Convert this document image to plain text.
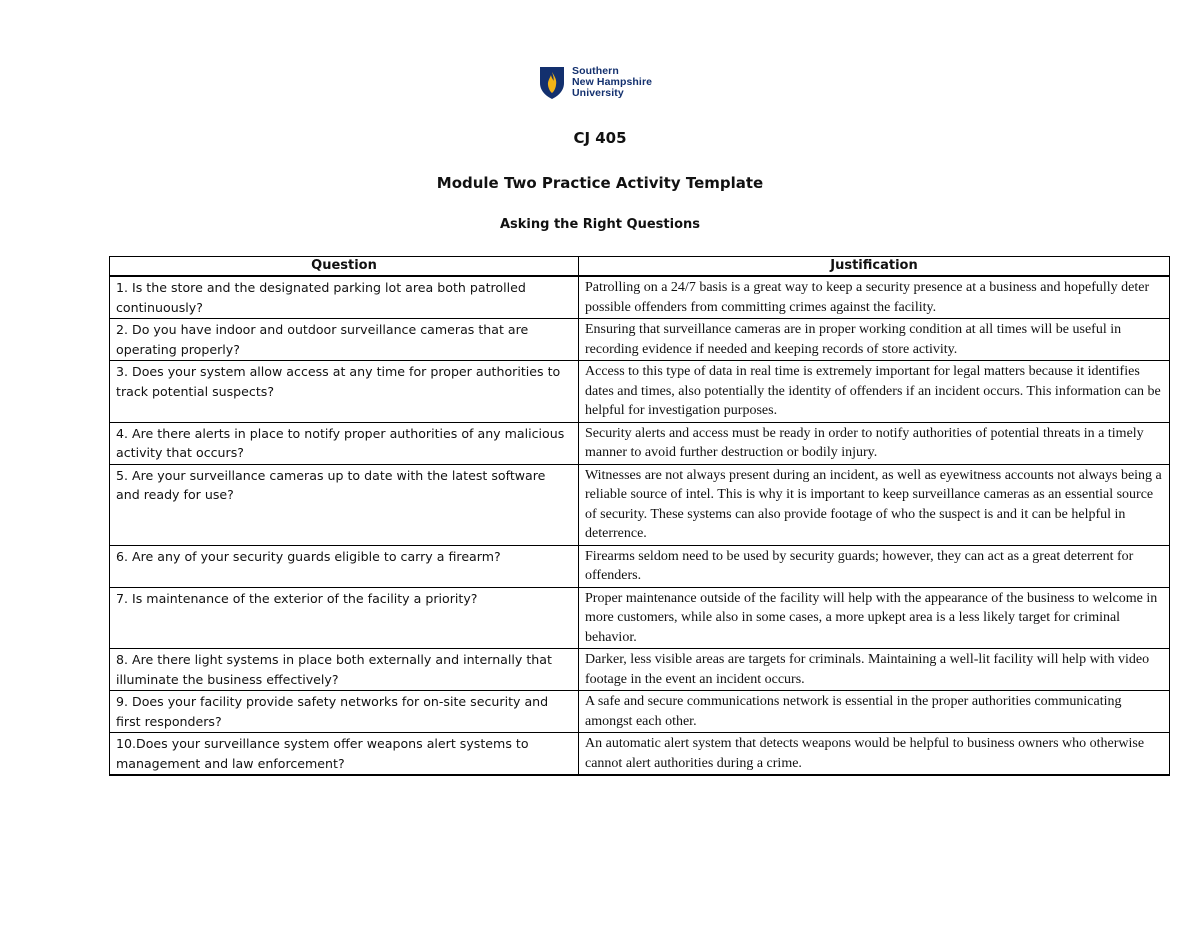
Southern
New Hampshire
University
CJ 405
Module Two Practice Activity Template
Asking the Right Questions
Question	Justification
1. Is the store and the designated parking lot area both patrolled continuously?	Patrolling on a 24/7 basis is a great way to keep a security presence at a business and hopefully deter possible offenders from committing crimes against the facility.
2. Do you have indoor and outdoor surveillance cameras that are operating properly?	Ensuring that surveillance cameras are in proper working condition at all times will be useful in recording evidence if needed and keeping records of store activity.
3. Does your system allow access at any time for proper authorities to track potential suspects?	Access to this type of data in real time is extremely important for legal matters because it identifies dates and times, also potentially the identity of offenders if an incident occurs. This information can be helpful for investigation purposes.
4. Are there alerts in place to notify proper authorities of any malicious activity that occurs?	Security alerts and access must be ready in order to notify authorities of potential threats in a timely manner to avoid further destruction or bodily injury.
5. Are your surveillance cameras up to date with the latest software and ready for use?	Witnesses are not always present during an incident, as well as eyewitness accounts not always being a reliable source of intel. This is why it is important to keep surveillance cameras as an essential source of security. These systems can also provide footage of who the suspect is and it can be helpful in deterrence.
6. Are any of your security guards eligible to carry a firearm?	Firearms seldom need to be used by security guards; however, they can act as a great deterrent for offenders.
7. Is maintenance of the exterior of the facility a priority?	Proper maintenance outside of the facility will help with the appearance of the business to welcome in more customers, while also in some cases, a more upkept area is a less likely target for criminal behavior.
8. Are there light systems in place both externally and internally that illuminate the business effectively?	Darker, less visible areas are targets for criminals. Maintaining a well-lit facility will help with video footage in the event an incident occurs.
9. Does your facility provide safety networks for on-site security and first responders?	A safe and secure communications network is essential in the proper authorities communicating amongst each other.
10.Does your surveillance system offer weapons alert systems to management and law enforcement?	An automatic alert system that detects weapons would be helpful to business owners who otherwise cannot alert authorities during a crime.
